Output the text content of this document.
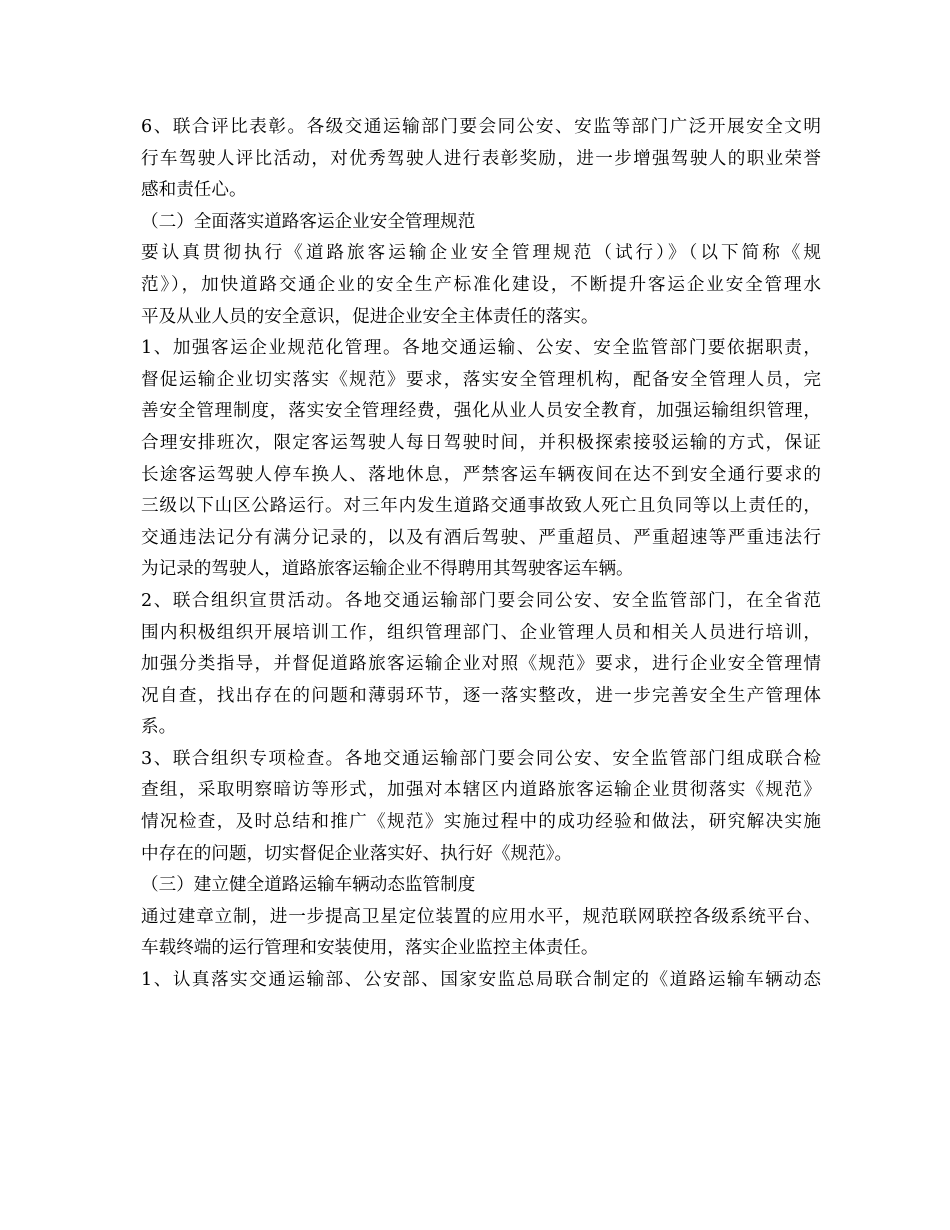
6、联合评比表彰。各级交通运输部门要会同公安、安监等部门广泛开展安全文明
行车驾驶人评比活动，对优秀驾驶人进行表彰奖励，进一步增强驾驶人的职业荣誉
感和责任心。
（二）全面落实道路客运企业安全管理规范
要认真贯彻执行《道路旅客运输企业安全管理规范（试行）》（以下简称《规
范》），加快道路交通企业的安全生产标准化建设，不断提升客运企业安全管理水
平及从业人员的安全意识，促进企业安全主体责任的落实。
1、加强客运企业规范化管理。各地交通运输、公安、安全监管部门要依据职责，
督促运输企业切实落实《规范》要求，落实安全管理机构，配备安全管理人员，完
善安全管理制度，落实安全管理经费，强化从业人员安全教育，加强运输组织管理，
合理安排班次，限定客运驾驶人每日驾驶时间，并积极探索接驳运输的方式，保证
长途客运驾驶人停车换人、落地休息，严禁客运车辆夜间在达不到安全通行要求的
三级以下山区公路运行。对三年内发生道路交通事故致人死亡且负同等以上责任的，
交通违法记分有满分记录的，以及有酒后驾驶、严重超员、严重超速等严重违法行
为记录的驾驶人，道路旅客运输企业不得聘用其驾驶客运车辆。
2、联合组织宣贯活动。各地交通运输部门要会同公安、安全监管部门，在全省范
围内积极组织开展培训工作，组织管理部门、企业管理人员和相关人员进行培训，
加强分类指导，并督促道路旅客运输企业对照《规范》要求，进行企业安全管理情
况自查，找出存在的问题和薄弱环节，逐一落实整改，进一步完善安全生产管理体
系。
3、联合组织专项检查。各地交通运输部门要会同公安、安全监管部门组成联合检
查组，采取明察暗访等形式，加强对本辖区内道路旅客运输企业贯彻落实《规范》
情况检查，及时总结和推广《规范》实施过程中的成功经验和做法，研究解决实施
中存在的问题，切实督促企业落实好、执行好《规范》。
（三）建立健全道路运输车辆动态监管制度
通过建章立制，进一步提高卫星定位装置的应用水平，规范联网联控各级系统平台、
车载终端的运行管理和安装使用，落实企业监控主体责任。
1、认真落实交通运输部、公安部、国家安监总局联合制定的《道路运输车辆动态
